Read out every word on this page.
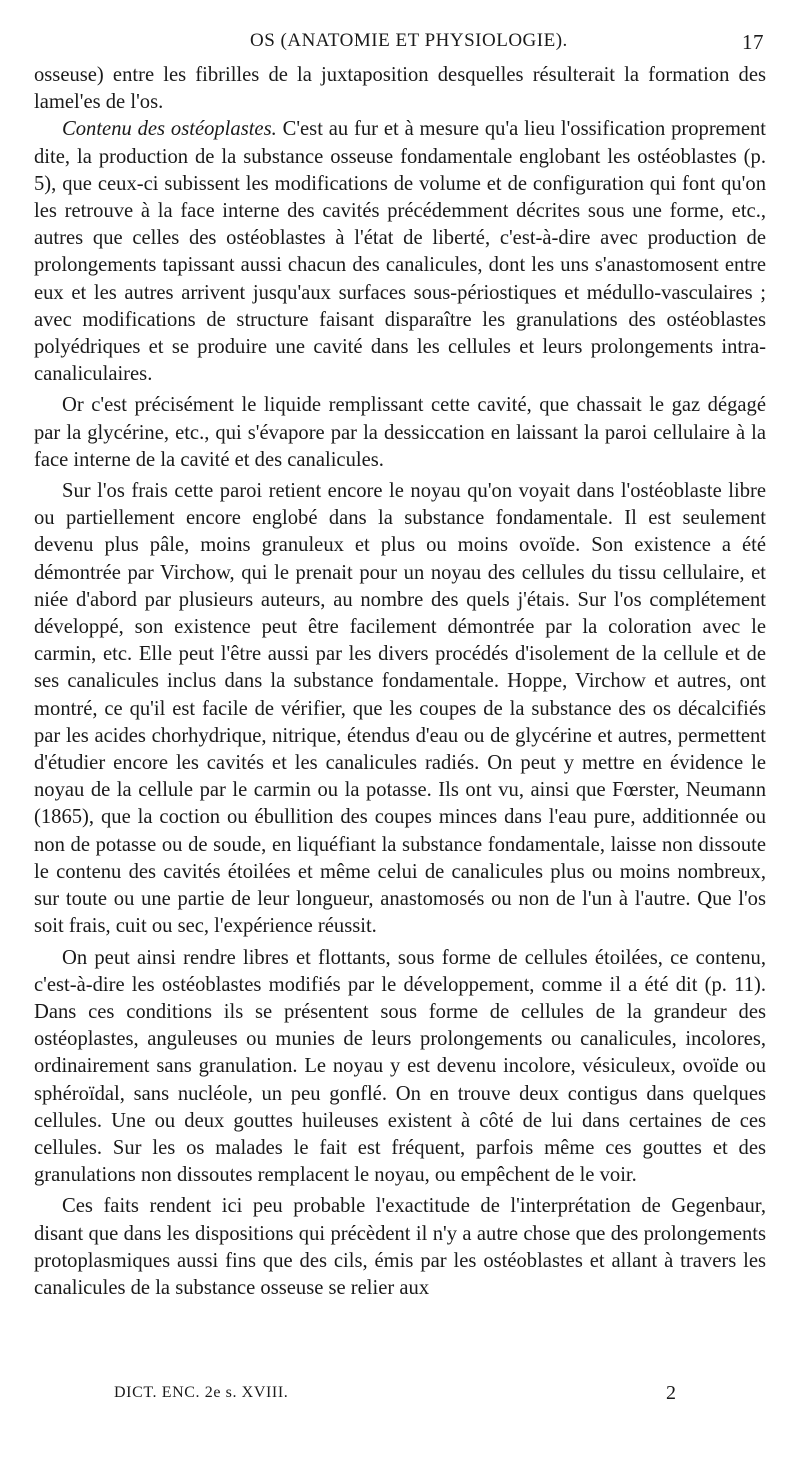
OS (ANATOMIE ET PHYSIOLOGIE).	17

osseuse) entre les fibrilles de la juxtaposition desquelles résulterait la formation des lamel'es de l'os.

Contenu des ostéoplastes. C'est au fur et à mesure qu'a lieu l'ossification proprement dite, la production de la substance osseuse fondamentale englobant les ostéoblastes (p. 5), que ceux-ci subissent les modifications de volume et de configuration qui font qu'on les retrouve à la face interne des cavités précédemment décrites sous une forme, etc., autres que celles des ostéoblastes à l'état de liberté, c'est-à-dire avec production de prolongements tapissant aussi chacun des canalicules, dont les uns s'anastomosent entre eux et les autres arrivent jusqu'aux surfaces sous-périostiques et médullo-vasculaires ; avec modifications de structure faisant disparaître les granulations des ostéoblastes polyédriques et se produire une cavité dans les cellules et leurs prolongements intra-canaliculaires.

Or c'est précisément le liquide remplissant cette cavité, que chassait le gaz dégagé par la glycérine, etc., qui s'évapore par la dessiccation en laissant la paroi cellulaire à la face interne de la cavité et des canalicules.

Sur l'os frais cette paroi retient encore le noyau qu'on voyait dans l'ostéoblaste libre ou partiellement encore englobé dans la substance fondamentale. Il est seulement devenu plus pâle, moins granuleux et plus ou moins ovoïde. Son existence a été démontrée par Virchow, qui le prenait pour un noyau des cellules du tissu cellulaire, et niée d'abord par plusieurs auteurs, au nombre des quels j'étais. Sur l'os complétement développé, son existence peut être facilement démontrée par la coloration avec le carmin, etc. Elle peut l'être aussi par les divers procédés d'isolement de la cellule et de ses canalicules inclus dans la substance fondamentale. Hoppe, Virchow et autres, ont montré, ce qu'il est facile de vérifier, que les coupes de la substance des os décalcifiés par les acides chorhydrique, nitrique, étendus d'eau ou de glycérine et autres, permettent d'étudier encore les cavités et les canalicules radiés. On peut y mettre en évidence le noyau de la cellule par le carmin ou la potasse. Ils ont vu, ainsi que Fœrster, Neumann (1865), que la coction ou ébullition des coupes minces dans l'eau pure, additionnée ou non de potasse ou de soude, en liquéfiant la substance fondamentale, laisse non dissoute le contenu des cavités étoilées et même celui de canalicules plus ou moins nombreux, sur toute ou une partie de leur longueur, anastomosés ou non de l'un à l'autre. Que l'os soit frais, cuit ou sec, l'expérience réussit.

On peut ainsi rendre libres et flottants, sous forme de cellules étoilées, ce contenu, c'est-à-dire les ostéoblastes modifiés par le développement, comme il a été dit (p. 11). Dans ces conditions ils se présentent sous forme de cellules de la grandeur des ostéoplastes, anguleuses ou munies de leurs prolongements ou canalicules, incolores, ordinairement sans granulation. Le noyau y est devenu incolore, vésiculeux, ovoïde ou sphéroïdal, sans nucléole, un peu gonflé. On en trouve deux contigus dans quelques cellules. Une ou deux gouttes huileuses existent à côté de lui dans certaines de ces cellules. Sur les os malades le fait est fréquent, parfois même ces gouttes et des granulations non dissoutes remplacent le noyau, ou empêchent de le voir.

Ces faits rendent ici peu probable l'exactitude de l'interprétation de Gegenbaur, disant que dans les dispositions qui précèdent il n'y a autre chose que des prolongements protoplasmiques aussi fins que des cils, émis par les ostéoblastes et allant à travers les canalicules de la substance osseuse se relier aux

DICT. ENC. 2e s. XVIII.	2
